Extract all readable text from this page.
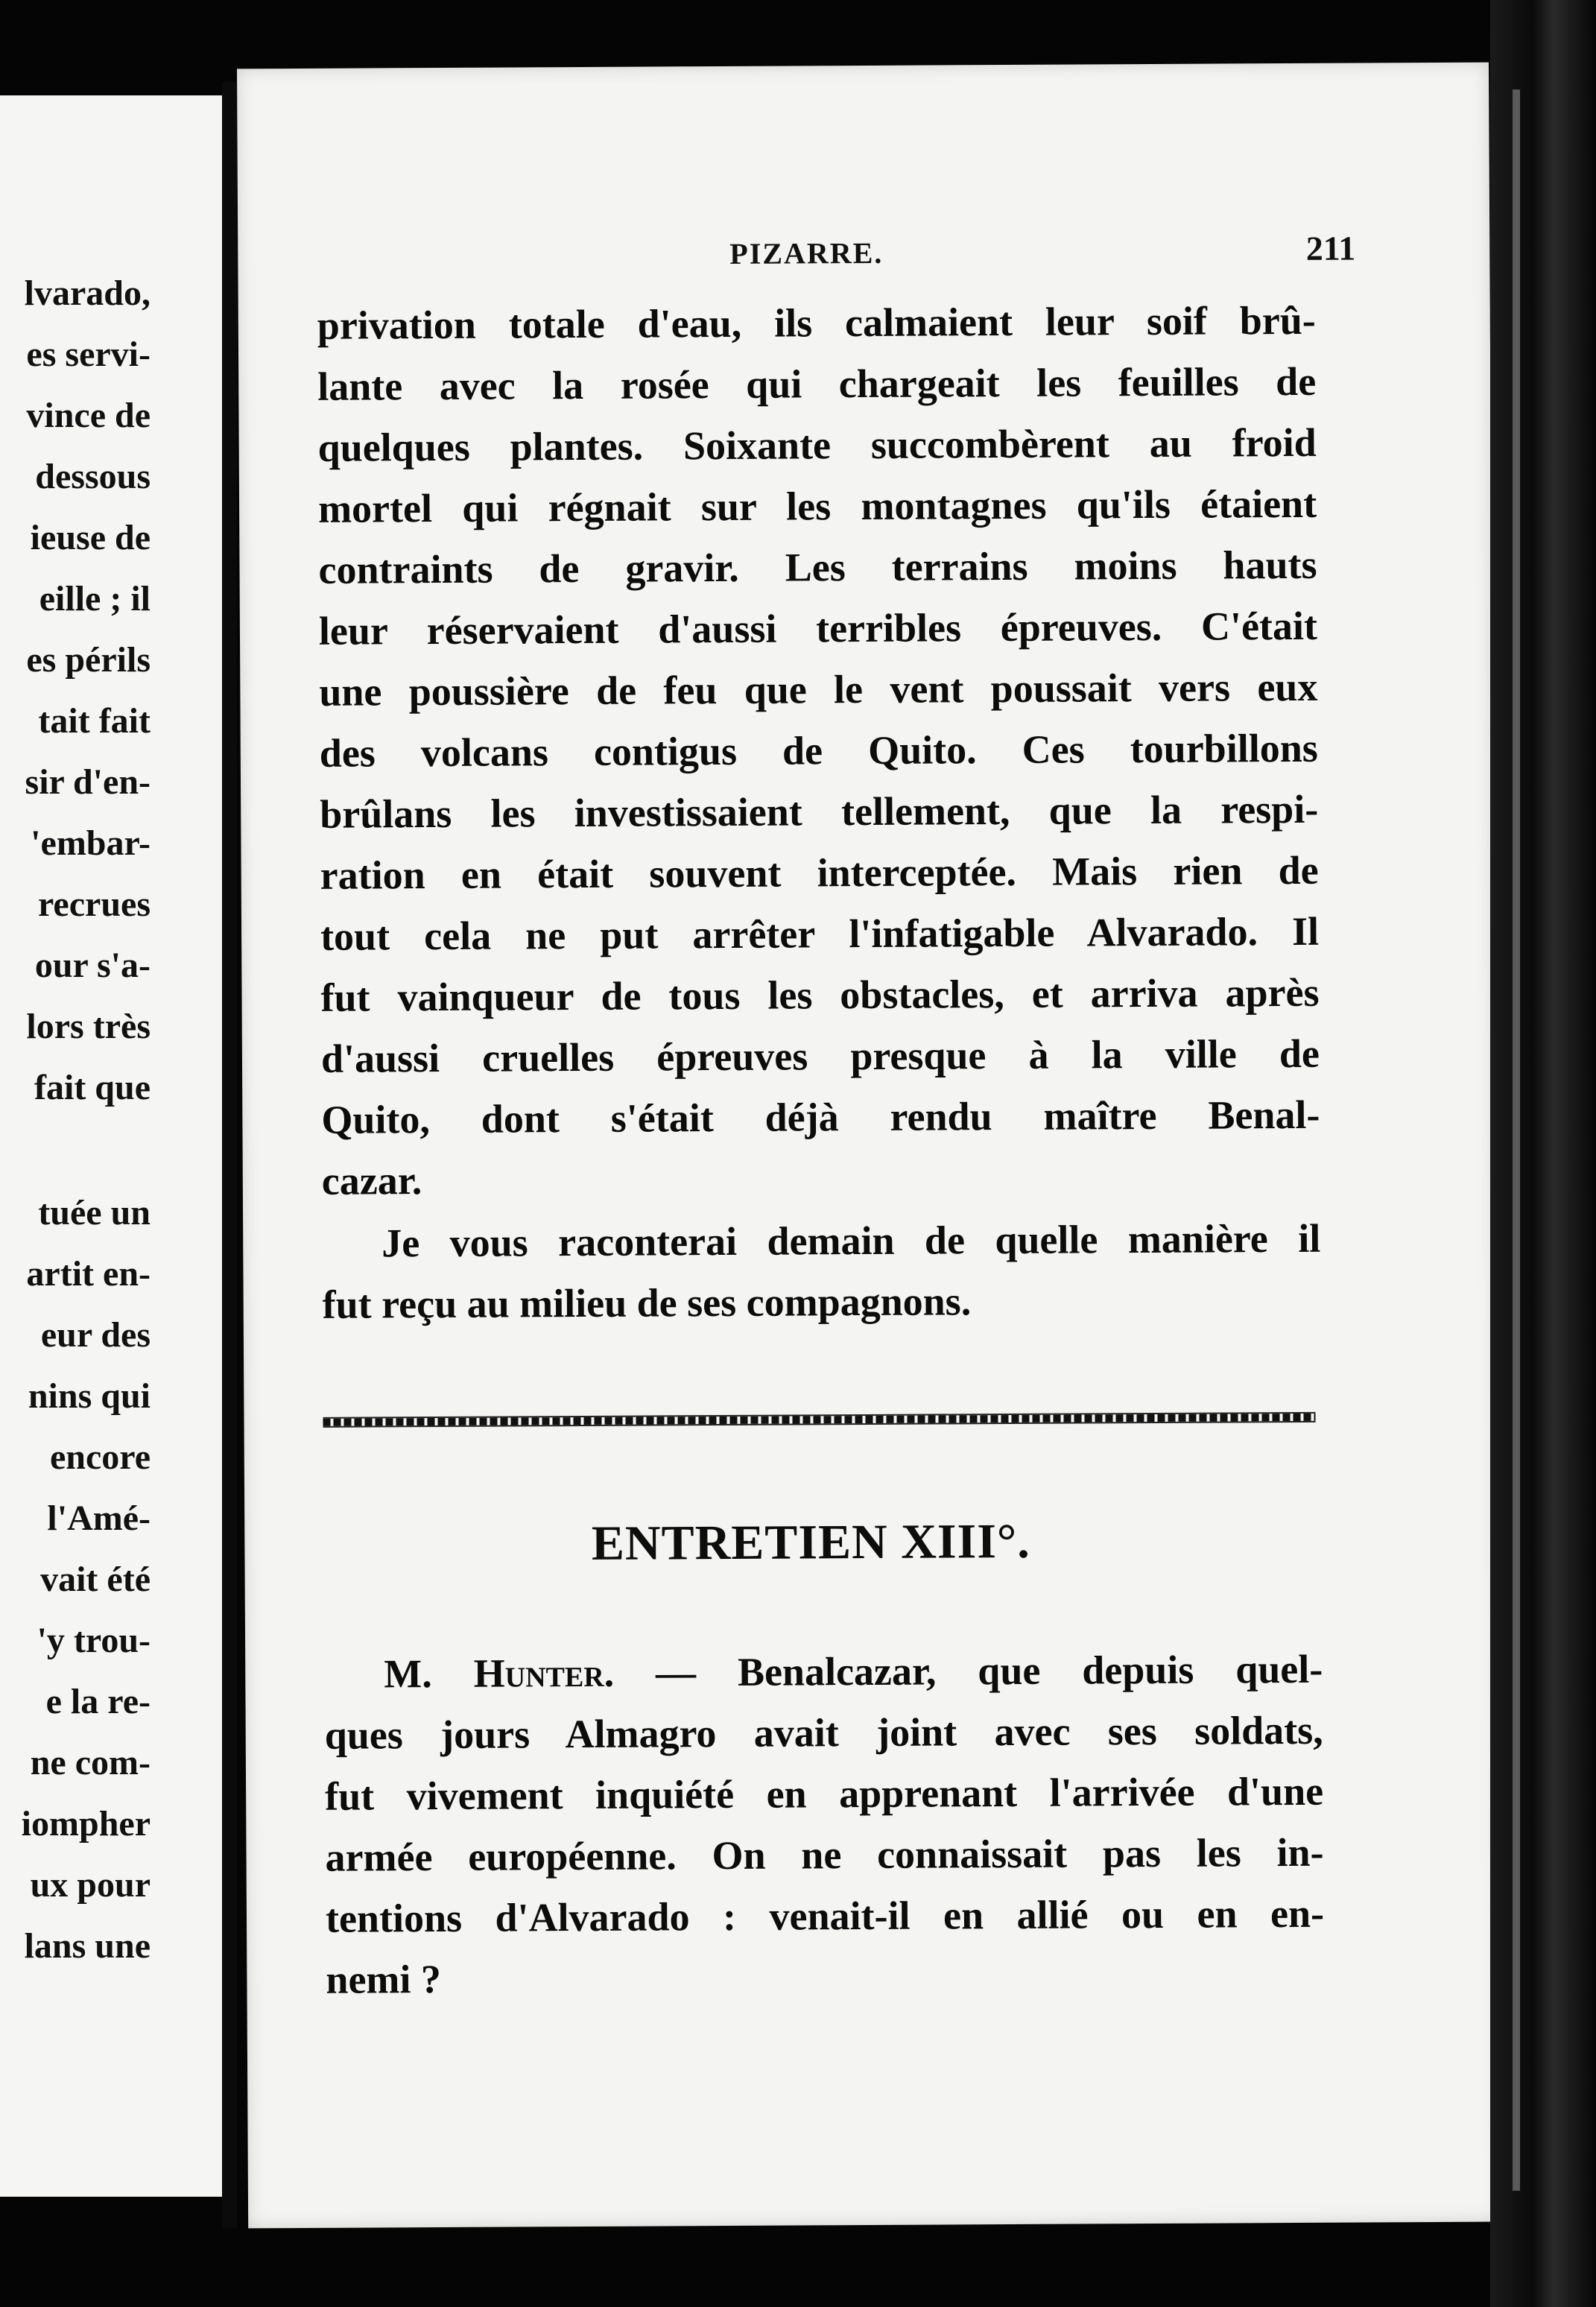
lvarado,
es servi-
vince de
dessous
ieuse de
eille ; il
es périls
tait fait
sir d'en-
'embar-
recrues
our s'a-
lors très
fait que
tuée un
artit en-
eur des
nins qui
encore
l'Amé-
vait été
'y trou-
e la re-
ne com-
iompher
ux pour
lans une
PIZARRE.	211
privation totale d'eau, ils calmaient leur soif brû-
lante avec la rosée qui chargeait les feuilles de
quelques plantes. Soixante succombèrent au froid
mortel qui régnait sur les montagnes qu'ils étaient
contraints de gravir. Les terrains moins hauts
leur réservaient d'aussi terribles épreuves. C'était
une poussière de feu que le vent poussait vers eux
des volcans contigus de Quito. Ces tourbillons
brûlans les investissaient tellement, que la respi-
ration en était souvent interceptée. Mais rien de
tout cela ne put arrêter l'infatigable Alvarado. Il
fut vainqueur de tous les obstacles, et arriva après
d'aussi cruelles épreuves presque à la ville de
Quito, dont s'était déjà rendu maître Benal-
cazar.
Je vous raconterai demain de quelle manière il
fut reçu au milieu de ses compagnons.
ENTRETIEN XIII°.
M. Hunter. — Benalcazar, que depuis quel-
ques jours Almagro avait joint avec ses soldats,
fut vivement inquiété en apprenant l'arrivée d'une
armée européenne. On ne connaissait pas les in-
tentions d'Alvarado : venait-il en allié ou en en-
nemi ?
